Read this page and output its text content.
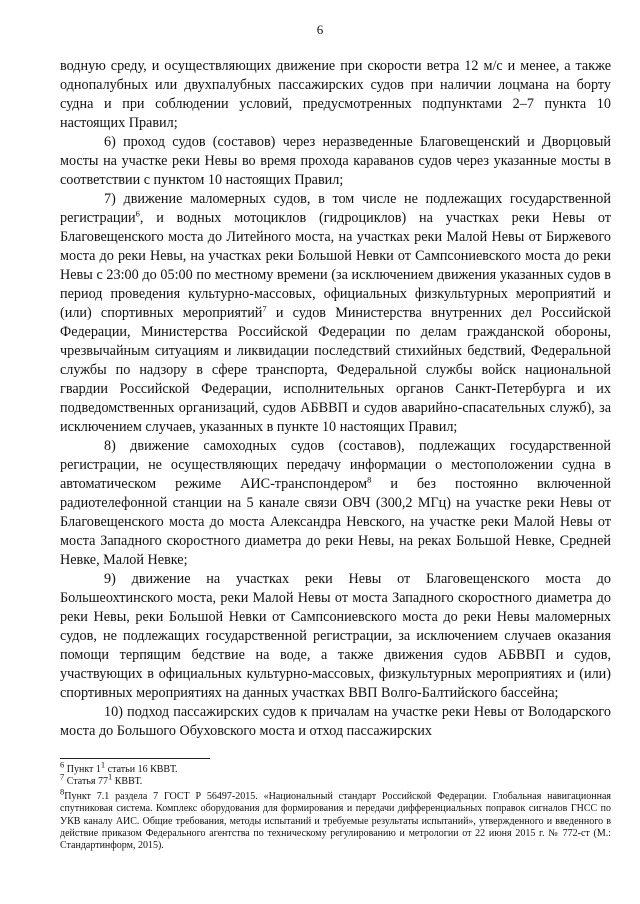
6

водную среду, и осуществляющих движение при скорости ветра 12 м/с и менее, а также однопалубных или двухпалубных пассажирских судов при наличии лоцмана на борту судна и при соблюдении условий, предусмотренных подпунктами 2–7 пункта 10 настоящих Правил;

6) проход судов (составов) через неразведенные Благовещенский и Дворцовый мосты на участке реки Невы во время прохода караванов судов через указанные мосты в соответствии с пунктом 10 настоящих Правил;

7) движение маломерных судов, в том числе не подлежащих государственной регистрации$^6$, и водных мотоциклов (гидроциклов) на участках реки Невы от Благовещенского моста до Литейного моста, на участках реки Малой Невы от Биржевого моста до реки Невы, на участках реки Большой Невки от Сампсониевского моста до реки Невы с 23:00 до 05:00 по местному времени (за исключением движения указанных судов в период проведения культурно-массовых, официальных физкультурных мероприятий и (или) спортивных мероприятий$^7$ и судов Министерства внутренних дел Российской Федерации, Министерства Российской Федерации по делам гражданской обороны, чрезвычайным ситуациям и ликвидации последствий стихийных бедствий, Федеральной службы по надзору в сфере транспорта, Федеральной службы войск национальной гвардии Российской Федерации, исполнительных органов Санкт-Петербурга и их подведомственных организаций, судов АБВВП и судов аварийно-спасательных служб), за исключением случаев, указанных в пункте 10 настоящих Правил;

8) движение самоходных судов (составов), подлежащих государственной регистрации, не осуществляющих передачу информации о местоположении судна в автоматическом режиме АИС-транспондером$^8$ и без постоянно включенной радиотелефонной станции на 5 канале связи ОВЧ (300,2 МГц) на участке реки Невы от Благовещенского моста до моста Александра Невского, на участке реки Малой Невы от моста Западного скоростного диаметра до реки Невы, на реках Большой Невке, Средней Невке, Малой Невке;

9) движение на участках реки Невы от Благовещенского моста до Большеохтинского моста, реки Малой Невы от моста Западного скоростного диаметра до реки Невы, реки Большой Невки от Сампсониевского моста до реки Невы маломерных судов, не подлежащих государственной регистрации, за исключением случаев оказания помощи терпящим бедствие на воде, а также движения судов АБВВП и судов, участвующих в официальных культурно-массовых, физкультурных мероприятиях и (или) спортивных мероприятиях на данных участках ВВП Волго-Балтийского бассейна;

10) подход пассажирских судов к причалам на участке реки Невы от Володарского моста до Большого Обуховского моста и отход пассажирских

$^6$ Пункт $1^1$ статьи 16 КВВТ.

$^7$ Статья $77^1$ КВВТ.

$^8$Пункт 7.1 раздела 7 ГОСТ Р 56497-2015. «Национальный стандарт Российской Федерации. Глобальная навигационная спутниковая система. Комплекс оборудования для формирования и передачи дифференциальных поправок сигналов ГНСС по УКВ каналу АИС. Общие требования, методы испытаний и требуемые результаты испытаний», утвержденного и введенного в действие приказом Федерального агентства по техническому регулированию и метрологии от 22 июня 2015 г. № 772-ст (М.: Стандартинформ, 2015).
